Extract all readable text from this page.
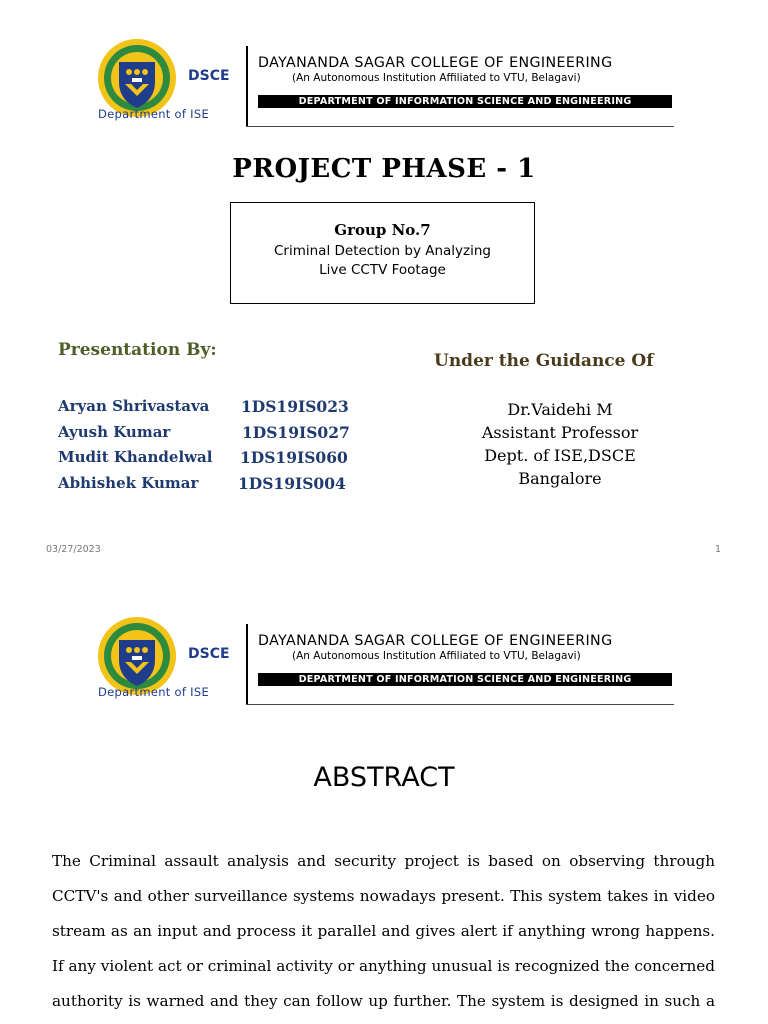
DSCE
Department of ISE
DAYANANDA SAGAR COLLEGE OF ENGINEERING
(An Autonomous Institution Affiliated to VTU, Belagavi)
DEPARTMENT OF INFORMATION SCIENCE AND ENGINEERING
PROJECT PHASE - 1
Group No.7
Criminal Detection by Analyzing
Live CCTV Footage
Presentation By:
Under the Guidance Of
Aryan Shrivastava 1DS19IS023
Ayush Kumar	1DS19IS027
Mudit Khandelwal 1DS19IS060
Abhishek Kumar	1DS19IS004
Dr.Vaidehi M
Assistant Professor
Dept. of ISE,DSCE
Bangalore
03/27/2023	1
DSCE
Department of ISE
DAYANANDA SAGAR COLLEGE OF ENGINEERING
(An Autonomous Institution Affiliated to VTU, Belagavi)
DEPARTMENT OF INFORMATION SCIENCE AND ENGINEERING
ABSTRACT
The Criminal assault analysis and security project is based on observing through
CCTV's and other surveillance systems nowadays present. This system takes in video
stream as an input and process it parallel and gives alert if anything wrong happens.
If any violent act or criminal activity or anything unusual is recognized the concerned
authority is warned and they can follow up further. The system is designed in such a
